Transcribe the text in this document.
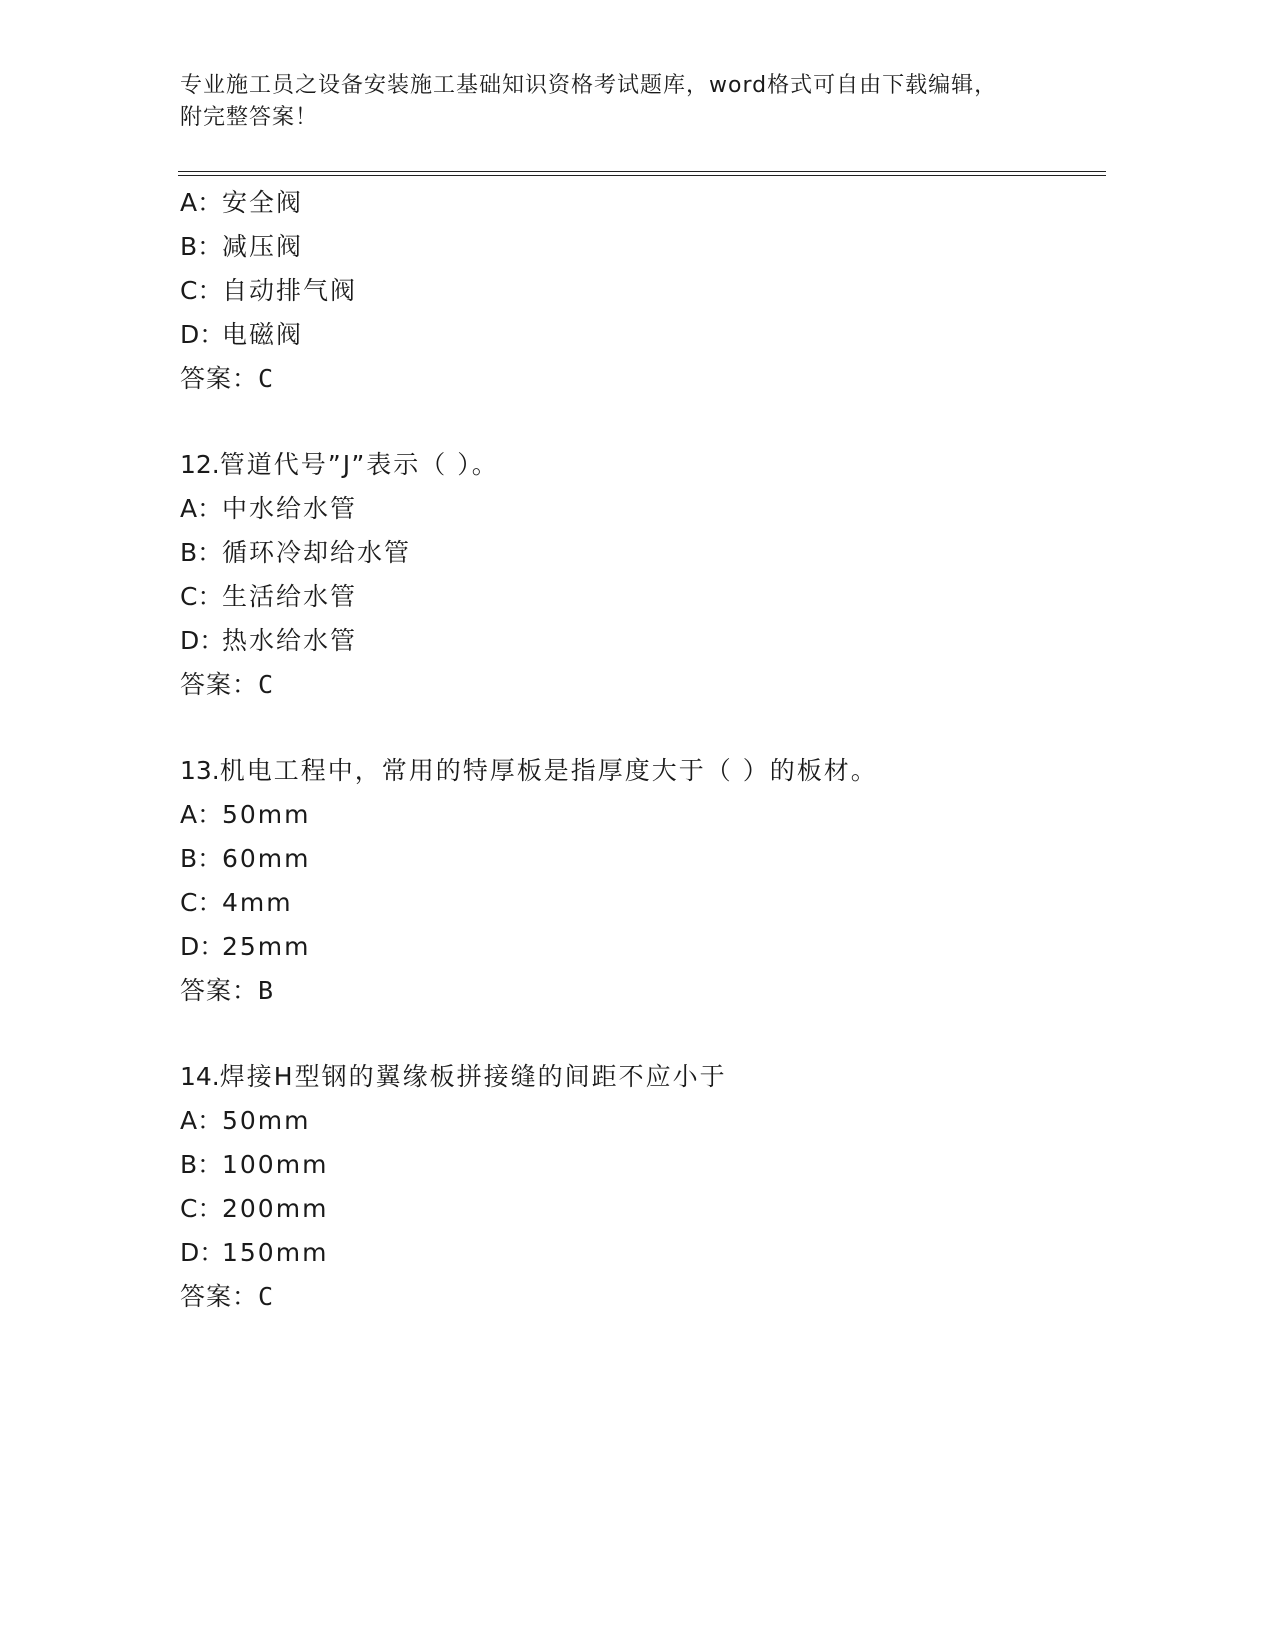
专业施工员之设备安装施工基础知识资格考试题库，word格式可自由下载编辑，
附完整答案！
A：安全阀
B：减压阀
C：自动排气阀
D：电磁阀
答案：C
12.管道代号”J”表示（ ）。
A：中水给水管
B：循环冷却给水管
C：生活给水管
D：热水给水管
答案：C
13.机电工程中，常用的特厚板是指厚度大于（ ）的板材。
A：50mm
B：60mm
C：4mm
D：25mm
答案：B
14.焊接H型钢的翼缘板拼接缝的间距不应小于
A：50mm
B：100mm
C：200mm
D：150mm
答案：C
